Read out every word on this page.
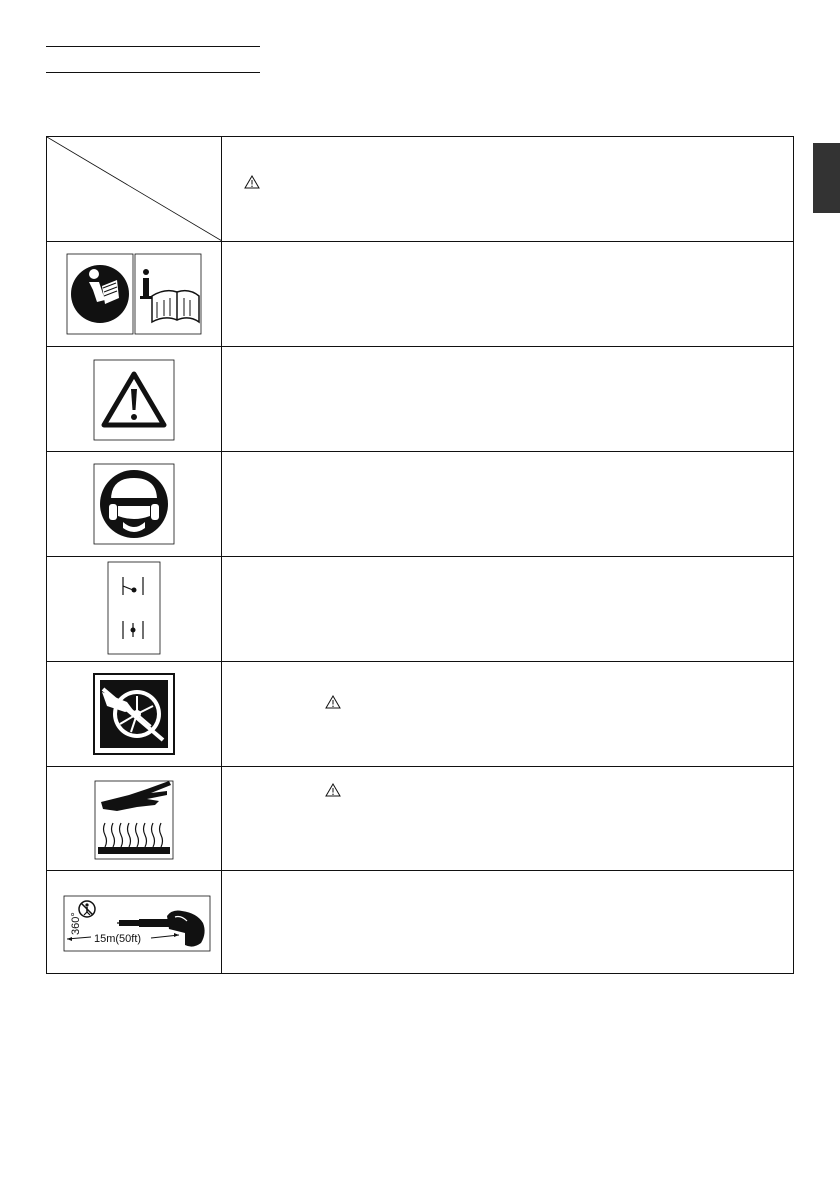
360°
15m(50ft)
